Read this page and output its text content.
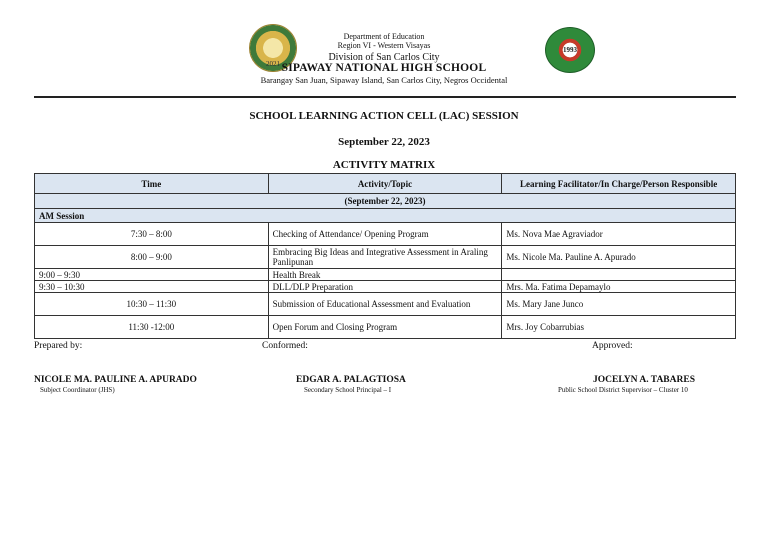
2021
1993
Department of Education
Region VI - Western Visayas
Division of San Carlos City
SIPAWAY NATIONAL HIGH SCHOOL
Barangay San Juan, Sipaway Island, San Carlos City, Negros Occidental
SCHOOL LEARNING ACTION CELL (LAC) SESSION
September 22, 2023
ACTIVITY MATRIX
Time	Activity/Topic	Learning Facilitator/In Charge/Person Responsible
(September 22, 2023)		
AM Session		
7:30 – 8:00	Checking of Attendance/ Opening Program	Ms. Nova Mae Agraviador
8:00 – 9:00	Embracing Big Ideas and Integrative Assessment in Araling Panlipunan	Ms. Nicole Ma. Pauline A. Apurado
9:00 – 9:30	Health Break	
9:30 – 10:30	DLL/DLP Preparation	Mrs. Ma. Fatima Depamaylo
10:30 – 11:30	Submission of Educational Assessment and Evaluation	Ms. Mary Jane Junco
11:30 -12:00	Open Forum and Closing Program	Mrs. Joy Cobarrubias
Prepared by:	Conformed:	Approved:
NICOLE MA. PAULINE A. APURADO	EDGAR A. PALAGTIOSA	JOCELYN A. TABARES
Subject Coordinator (JHS)	Secondary School Principal – I	Public School District Supervisor – Cluster 10
